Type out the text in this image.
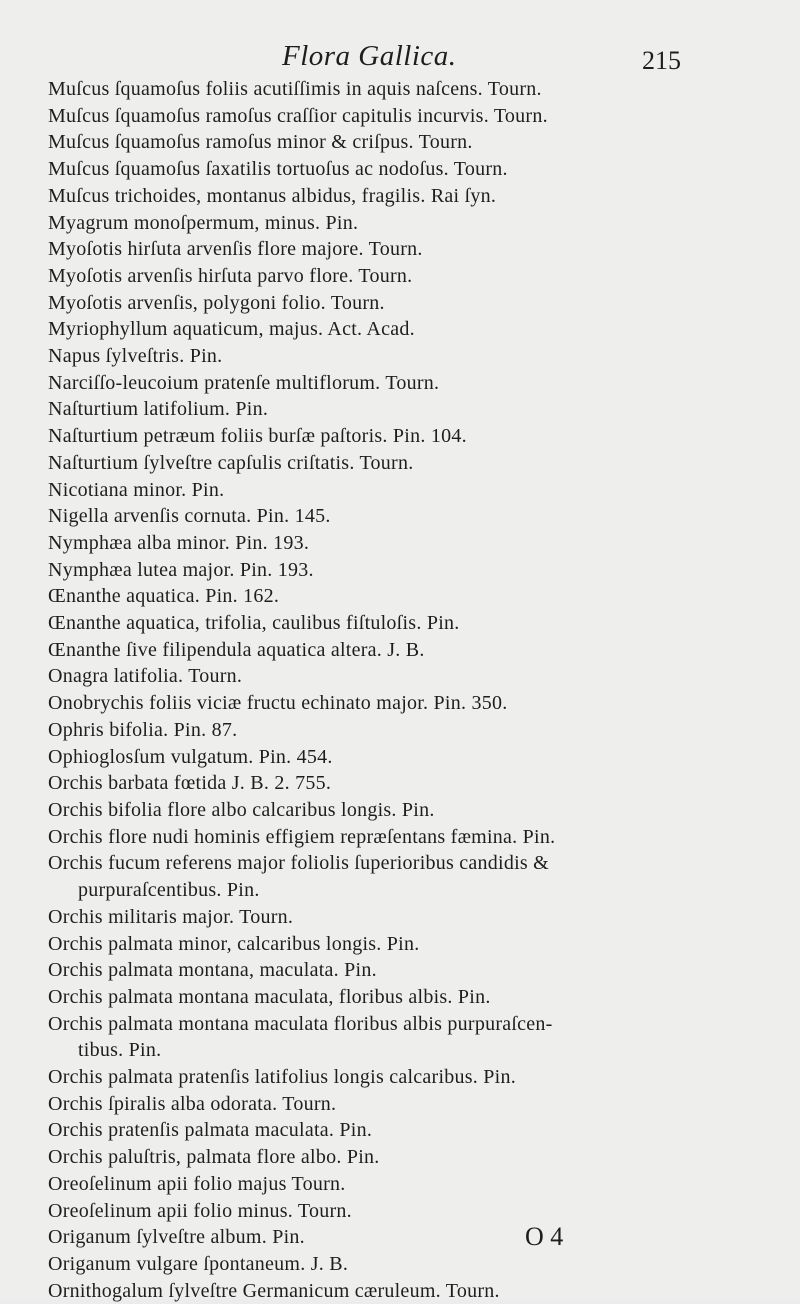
Flora Gallica.	215
Muſcus ſquamoſus foliis acutiſſimis in aquis naſcens. Tourn.
Muſcus ſquamoſus ramoſus craſſior capitulis incurvis. Tourn.
Muſcus ſquamoſus ramoſus minor & criſpus. Tourn.
Muſcus ſquamoſus ſaxatilis tortuoſus ac nodoſus. Tourn.
Muſcus trichoides, montanus albidus, fragilis. Rai ſyn.
Myagrum monoſpermum, minus. Pin.
Myoſotis hirſuta arvenſis flore majore. Tourn.
Myoſotis arvenſis hirſuta parvo flore. Tourn.
Myoſotis arvenſis, polygoni folio. Tourn.
Myriophyllum aquaticum, majus. Act. Acad.
Napus ſylveſtris. Pin.
Narciſſo-leucoium pratenſe multiflorum. Tourn.
Naſturtium latifolium. Pin.
Naſturtium petræum foliis burſæ paſtoris. Pin. 104.
Naſturtium ſylveſtre capſulis criſtatis. Tourn.
Nicotiana minor. Pin.
Nigella arvenſis cornuta. Pin. 145.
Nymphæa alba minor. Pin. 193.
Nymphæa lutea major. Pin. 193.
Œnanthe aquatica. Pin. 162.
Œnanthe aquatica, trifolia, caulibus fiſtuloſis. Pin.
Œnanthe ſive filipendula aquatica altera. J. B.
Onagra latifolia. Tourn.
Onobrychis foliis viciæ fructu echinato major. Pin. 350.
Ophris bifolia. Pin. 87.
Ophioglosſum vulgatum. Pin. 454.
Orchis barbata fœtida J. B. 2. 755.
Orchis bifolia flore albo calcaribus longis. Pin.
Orchis flore nudi hominis effigiem repræſentans fæmina. Pin.
Orchis fucum referens major foliolis ſuperioribus candidis &
purpuraſcentibus. Pin.
Orchis militaris major. Tourn.
Orchis palmata minor, calcaribus longis. Pin.
Orchis palmata montana, maculata. Pin.
Orchis palmata montana maculata, floribus albis. Pin.
Orchis palmata montana maculata floribus albis purpuraſcen-
tibus. Pin.
Orchis palmata pratenſis latifolius longis calcaribus. Pin.
Orchis ſpiralis alba odorata. Tourn.
Orchis pratenſis palmata maculata. Pin.
Orchis paluſtris, palmata flore albo. Pin.
Oreoſelinum apii folio majus Tourn.
Oreoſelinum apii folio minus. Tourn.
Origanum ſylveſtre album. Pin.
Origanum vulgare ſpontaneum. J. B.
Ornithogalum ſylveſtre Germanicum cæruleum. Tourn.
O 4
